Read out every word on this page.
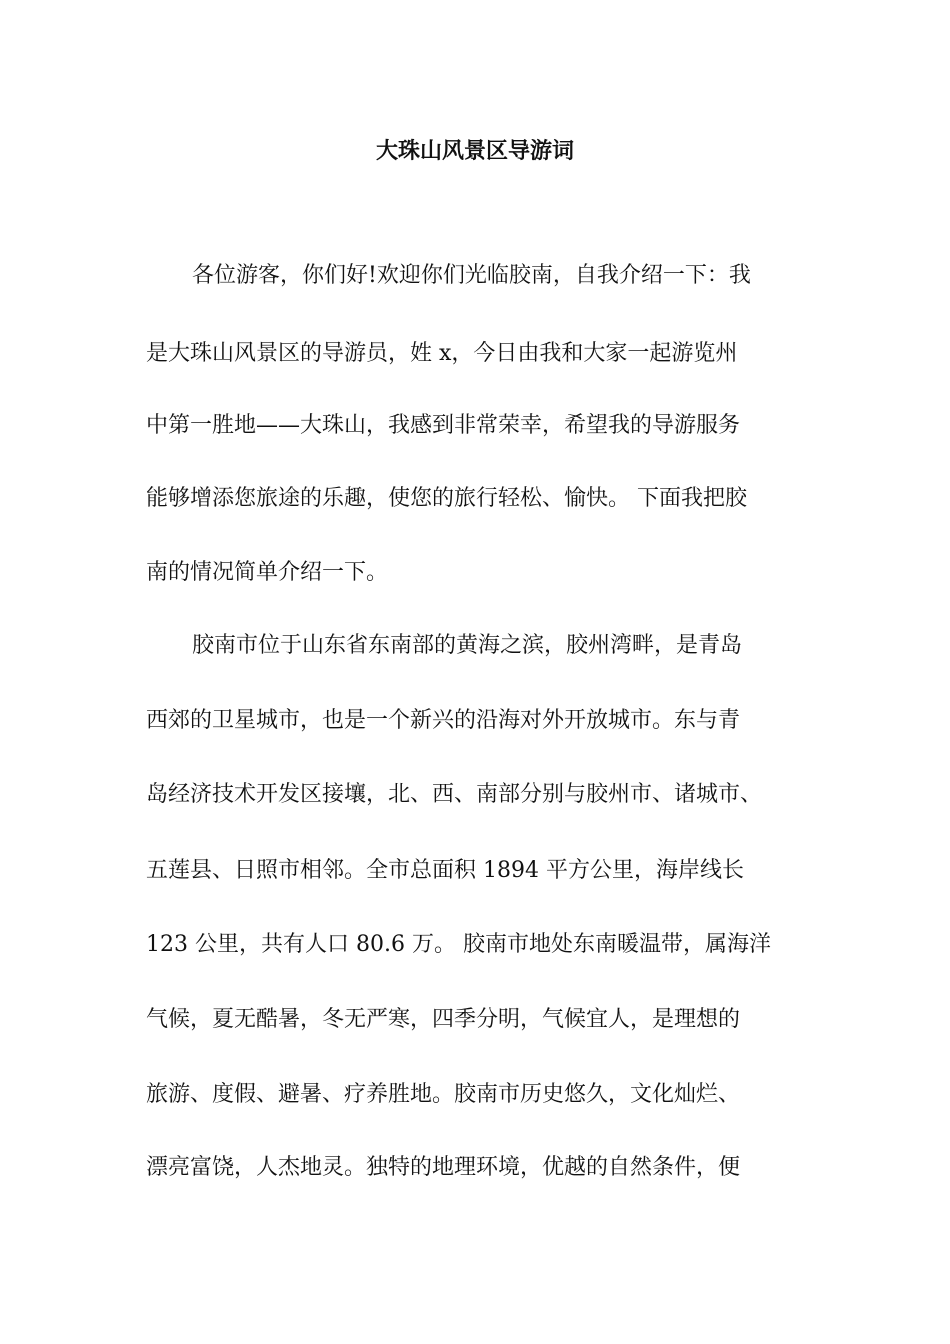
大珠山风景区导游词

各位游客，你们好!欢迎你们光临胶南，自我介绍一下：我

是大珠山风景区的导游员，姓 x，今日由我和大家一起游览州

中第一胜地——大珠山，我感到非常荣幸，希望我的导游服务

能够增添您旅途的乐趣，使您的旅行轻松、愉快。 下面我把胶

南的情况简单介绍一下。

胶南市位于山东省东南部的黄海之滨，胶州湾畔，是青岛

西郊的卫星城市，也是一个新兴的沿海对外开放城市。东与青

岛经济技术开发区接壤，北、西、南部分别与胶州市、诸城市、

五莲县、日照市相邻。全市总面积 1894 平方公里，海岸线长

123 公里，共有人口 80.6 万。 胶南市地处东南暖温带，属海洋

气候，夏无酷暑，冬无严寒，四季分明，气候宜人，是理想的

旅游、度假、避暑、疗养胜地。胶南市历史悠久，文化灿烂、

漂亮富饶，人杰地灵。独特的地理环境，优越的自然条件，便
